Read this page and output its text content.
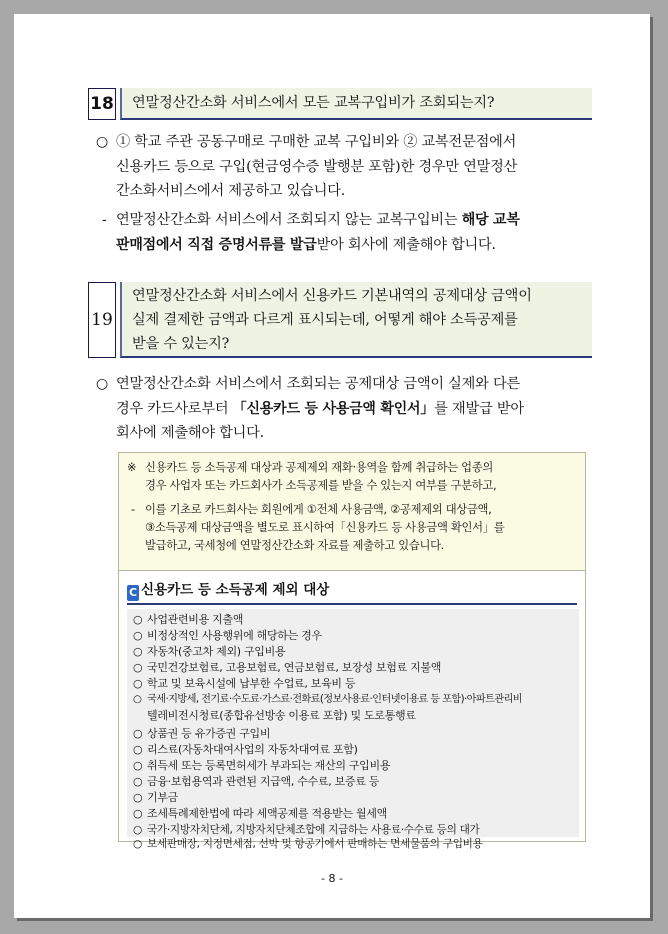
18	연말정산간소화 서비스에서 모든 교복구입비가 조회되는지?
○ ① 학교 주관 공동구매로 구매한 교복 구입비와 ② 교복전문점에서
신용카드 등으로 구입(현금영수증 발행분 포함)한 경우만 연말정산
간소화서비스에서 제공하고 있습니다.
- 연말정산간소화 서비스에서 조회되지 않는 교복구입비는 해당 교복
판매점에서 직접 증명서류를 발급받아 회사에 제출해야 합니다.
19
연말정산간소화 서비스에서 신용카드 기본내역의 공제대상 금액이
실제 결제한 금액과 다르게 표시되는데, 어떻게 해야 소득공제를
받을 수 있는지?
○ 연말정산간소화 서비스에서 조회되는 공제대상 금액이 실제와 다른
경우 카드사로부터 「신용카드 등 사용금액 확인서」를 재발급 받아
회사에 제출해야 합니다.
※ 신용카드 등 소득공제 대상과 공제제외 재화·용역을 함께 취급하는 업종의
경우 사업자 또는 카드회사가 소득공제를 받을 수 있는지 여부를 구분하고,
- 이를 기초로 카드회사는 회원에게 ①전체 사용금액, ②공제제외 대상금액,
③소득공제 대상금액을 별도로 표시하여「신용카드 등 사용금액 확인서」를
발급하고, 국세청에 연말정산간소화 자료를 제출하고 있습니다.
C 신용카드 등 소득공제 제외 대상
○ 사업관련비용 지출액
○ 비정상적인 사용행위에 해당하는 경우
○ 자동차(중고차 제외) 구입비용
○ 국민건강보험료, 고용보험료, 연금보험료, 보장성 보험료 지불액
○ 학교 및 보육시설에 납부한 수업료, 보육비 등
○ 국세·지방세, 전기료·수도료·가스료·전화료(정보사용료·인터넷이용료 등 포함)·아파트관리비
텔레비전시청료(종합유선방송 이용료 포함) 및 도로통행료
○ 상품권 등 유가증권 구입비
○ 리스료(자동차대여사업의 자동차대여료 포함)
○ 취득세 또는 등록면허세가 부과되는 재산의 구입비용
○ 금융·보험용역과 관련된 지급액, 수수료, 보증료 등
○ 기부금
○ 조세특례제한법에 따라 세액공제를 적용받는 월세액
○ 국가·지방자치단체, 지방자치단체조합에 지급하는 사용료·수수료 등의 대가
○ 보세판매장, 지정면세점, 선박 및 항공기에서 판매하는 면세물품의 구입비용
- 8 -
